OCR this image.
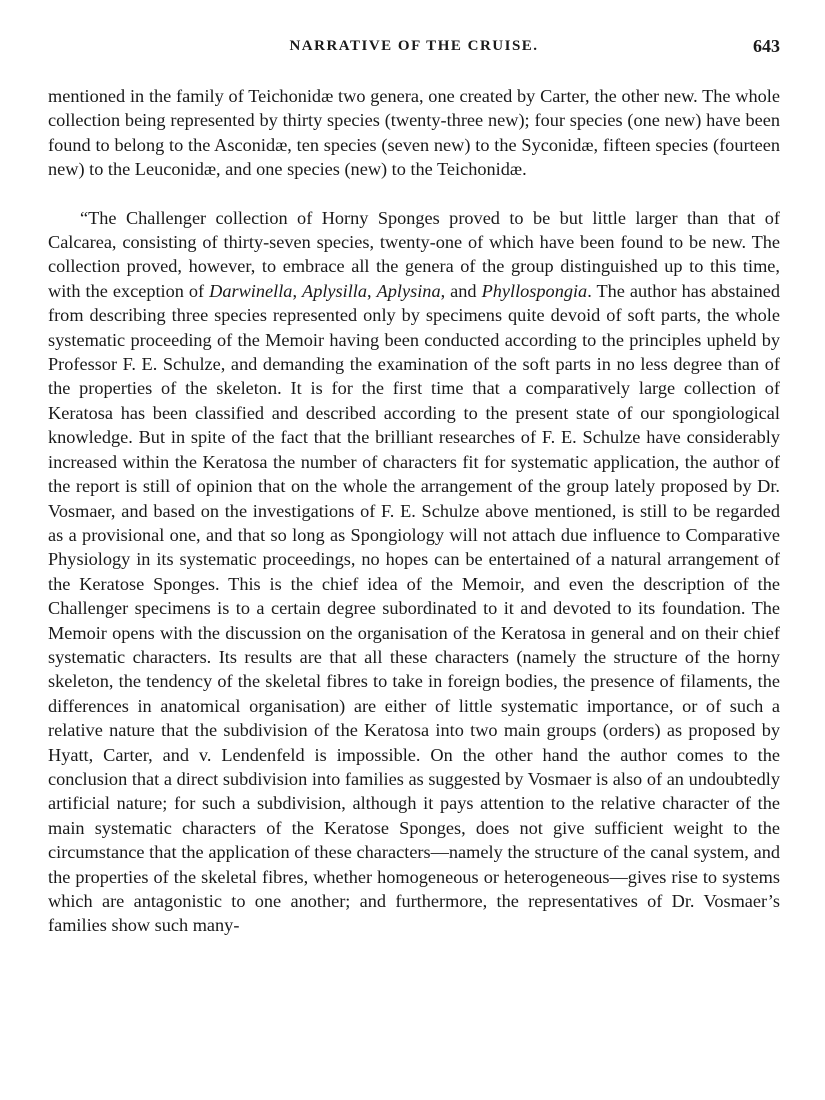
NARRATIVE OF THE CRUISE.	643

mentioned in the family of Teichonidæ two genera, one created by Carter, the other new. The whole collection being represented by thirty species (twenty-three new); four species (one new) have been found to belong to the Asconidæ, ten species (seven new) to the Syconidæ, fifteen species (fourteen new) to the Leuconidæ, and one species (new) to the Teichonidæ.

“The Challenger collection of Horny Sponges proved to be but little larger than that of Calcarea, consisting of thirty-seven species, twenty-one of which have been found to be new. The collection proved, however, to embrace all the genera of the group distinguished up to this time, with the exception of Darwinella, Aplysilla, Aplysina, and Phyllospongia. The author has abstained from describing three species represented only by specimens quite devoid of soft parts, the whole systematic proceeding of the Memoir having been conducted according to the principles upheld by Professor F. E. Schulze, and demanding the examination of the soft parts in no less degree than of the properties of the skeleton. It is for the first time that a comparatively large collection of Keratosa has been classified and described according to the present state of our spongiological knowledge. But in spite of the fact that the brilliant researches of F. E. Schulze have considerably increased within the Keratosa the number of characters fit for systematic application, the author of the report is still of opinion that on the whole the arrangement of the group lately proposed by Dr. Vosmaer, and based on the investigations of F. E. Schulze above mentioned, is still to be regarded as a provisional one, and that so long as Spongiology will not attach due influence to Comparative Physiology in its systematic proceedings, no hopes can be entertained of a natural arrangement of the Keratose Sponges. This is the chief idea of the Memoir, and even the description of the Challenger specimens is to a certain degree subordinated to it and devoted to its foundation. The Memoir opens with the discussion on the organisation of the Keratosa in general and on their chief systematic characters. Its results are that all these characters (namely the structure of the horny skeleton, the tendency of the skeletal fibres to take in foreign bodies, the presence of filaments, the differences in anatomical organisation) are either of little systematic importance, or of such a relative nature that the subdivision of the Keratosa into two main groups (orders) as proposed by Hyatt, Carter, and v. Lendenfeld is impossible. On the other hand the author comes to the conclusion that a direct subdivision into families as suggested by Vosmaer is also of an undoubtedly artificial nature; for such a subdivision, although it pays attention to the relative character of the main systematic characters of the Keratose Sponges, does not give sufficient weight to the circumstance that the application of these characters—namely the structure of the canal system, and the properties of the skeletal fibres, whether homogeneous or heterogeneous—gives rise to systems which are antagonistic to one another; and furthermore, the representatives of Dr. Vosmaer’s families show such many-
